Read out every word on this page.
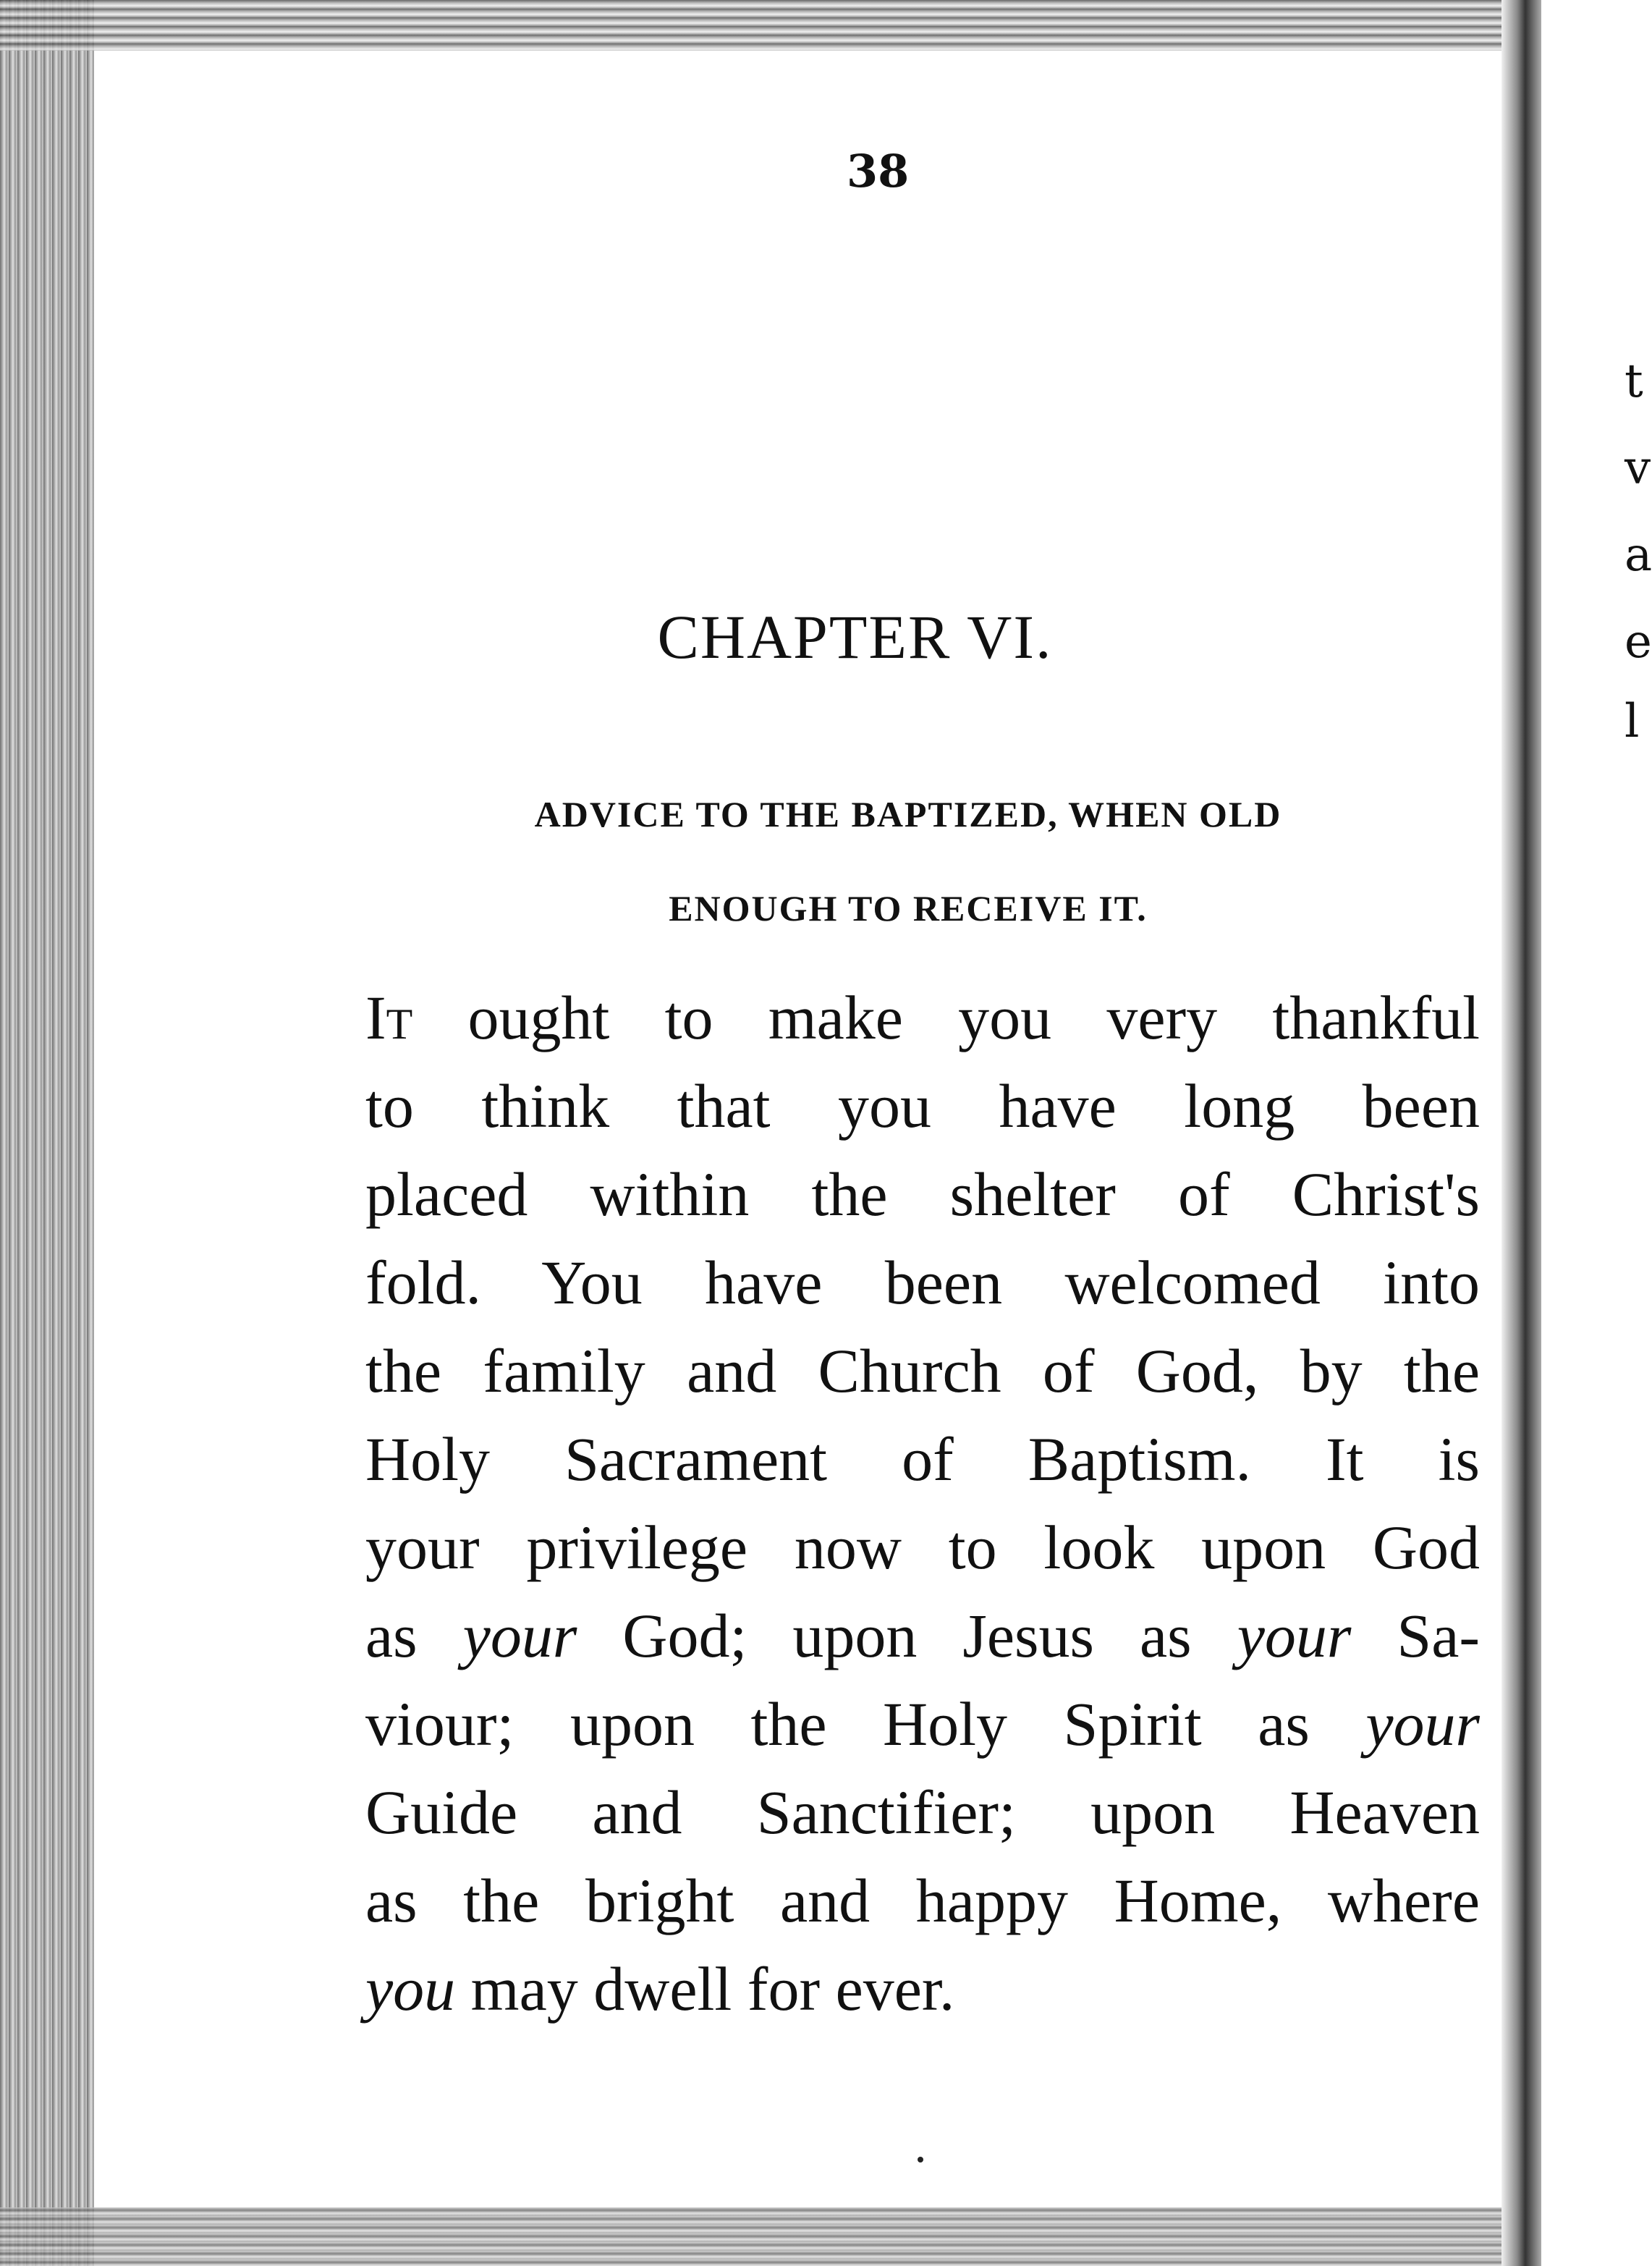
38
CHAPTER VI.
ADVICE TO THE BAPTIZED, WHEN OLD
ENOUGH TO RECEIVE IT.
It ought to make you very thankful
to think that you have long been
placed within the shelter of Christ's
fold. You have been welcomed into
the family and Church of God, by the
Holy Sacrament of Baptism. It is
your privilege now to look upon God
as your God; upon Jesus as your Sa-
viour; upon the Holy Spirit as your
Guide and Sanctifier; upon Heaven
as the bright and happy Home, where
you may dwell for ever.
t
v
a
e
l
